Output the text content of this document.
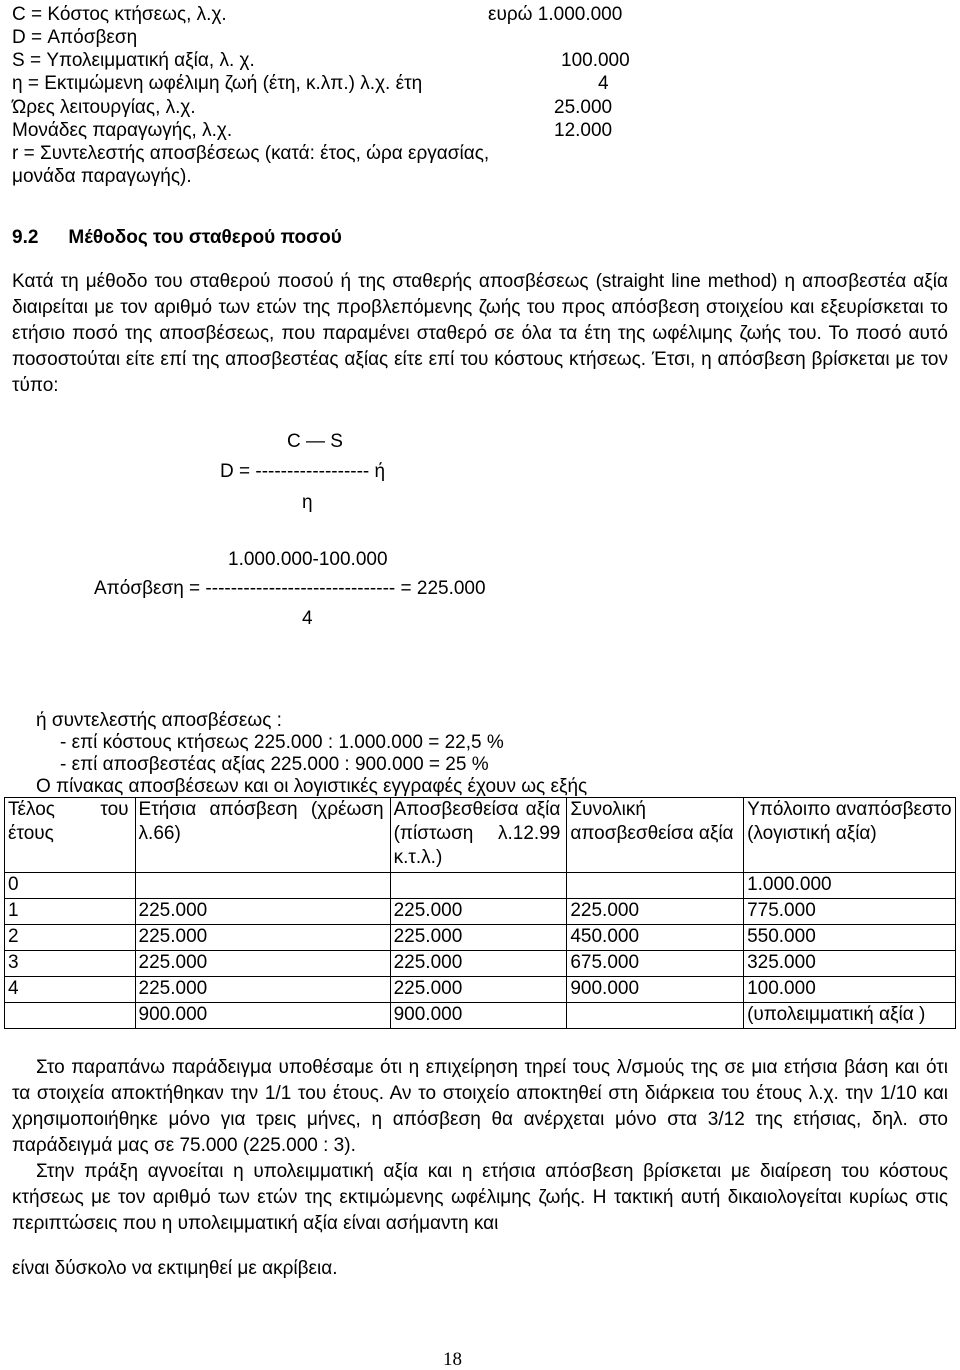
C = Κόστος κτήσεως, λ.χ.	ευρώ 1.000.000
D = Απόσβεση
S = Υπολειμματική αξία, λ. χ.	100.000
η = Εκτιμώμενη ωφέλιμη ζωή (έτη, κ.λπ.) λ.χ. έτη	4
Ώρες λειτουργίας, λ.χ.	25.000
Μονάδες παραγωγής, λ.χ.	12.000
r = Συντελεστής αποσβέσεως (κατά: έτος, ώρα εργασίας,
μονάδα παραγωγής).
9.2 Μέθοδος του σταθερού ποσού

Κατά τη μέθοδο του σταθερού ποσού ή της σταθερής αποσβέσεως (straight line method) η αποσβεστέα αξία διαιρείται με τον αριθμό των ετών της προβλεπόμενης ζωής του προς απόσβεση στοιχείου και εξευρίσκεται το ετήσιο ποσό της αποσβέσεως, που παραμένει σταθερό σε όλα τα έτη της ωφέλιμης ζωής του. Το ποσό αυτό ποσοστούται είτε επί της αποσβεστέας αξίας είτε επί του κόστους κτήσεως. Έτσι, η απόσβεση βρίσκεται με τον τύπο:

C — S
D = ------------------ ή
η
1.000.000-100.000
Απόσβεση = ------------------------------ = 225.000
4
ή συντελεστής αποσβέσεως :
- επί κόστους κτήσεως 225.000 : 1.000.000 = 22,5 %
- επί αποσβεστέας αξίας 225.000 : 900.000 = 25 %
Ο πίνακας αποσβέσεων και οι λογιστικές εγγραφές έχουν ως εξής
Τέλος του έτους	Ετήσια απόσβεση (χρέωση λ.66)	Αποσβεσθείσα αξία (πίστωση λ.12.99 κ.τ.λ.)	Συνολική αποσβεσθείσα αξία	Υπόλοιπο αναπόσβεστο (λογιστική αξία)

0				1.000.000
1	225.000	225.000	225.000	775.000
2	225.000	225.000	450.000	550.000
3	225.000	225.000	675.000	325.000
4	225.000	225.000	900.000	100.000
	900.000	900.000		(υπολειμματική αξία )

Στο παραπάνω παράδειγμα υποθέσαμε ότι η επιχείρηση τηρεί τους λ/σμούς της σε μια ετήσια βάση και ότι τα στοιχεία αποκτήθηκαν την 1/1 του έτους. Αν το στοιχείο αποκτηθεί στη διάρκεια του έτους λ.χ. την 1/10 και χρησιμοποιήθηκε μόνο για τρεις μήνες, η απόσβεση θα ανέρχεται μόνο στα 3/12 της ετήσιας, δηλ. στο παράδειγμά μας σε 75.000 (225.000 : 3).

Στην πράξη αγνοείται η υπολειμματική αξία και η ετήσια απόσβεση βρίσκεται με διαίρεση του κόστους κτήσεως με τον αριθμό των ετών της εκτιμώμενης ωφέλιμης ζωής. Η τακτική αυτή δικαιολογείται κυρίως στις περιπτώσεις που η υπολειμματική αξία είναι ασήμαντη και

είναι δύσκολο να εκτιμηθεί με ακρίβεια.
18
